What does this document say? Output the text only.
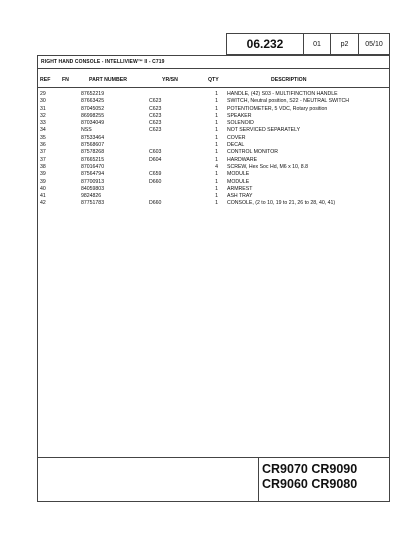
06.232	01	p2	05/10
RIGHT HAND CONSOLE - INTELLIVIEW™ II - C719
REF FN	PART NUMBER	YR/SN	QTY	DESCRIPTION
29	87652219	1 HANDLE, (42) S03 - MULTIFINCTION HANDLE
30	87663425	C623	1 SWITCH, Neutral position, S22 - NEUTRAL SWITCH
31	87045052	C623	1 POTENTIOMETER, 5 VDC, Rotary position
32	86998255	C623	1 SPEAKER
33	87034049	C623	1 SOLENOID
34	NSS	C623	1 NOT SERVICED SEPARATELY
35	87533464	1 COVER
36	87568607	1 DECAL
37	87578268	C603	1 CONTROL MONITOR
37	87665215	D604	1 HARDWARE
38	87016470	4 SCREW, Hex Soc Hd, M6 x 10, 8.8
39	87564794	C659	1 MODULE
39	87700913	D660	1 MODULE
40	84059803	1 ARMREST
41	9824826	1 ASH TRAY
42	87751783	D660	1 CONSOLE, (2 to 10, 19 to 21, 26 to 28, 40, 41)
CR9070 CR9090
CR9060 CR9080
